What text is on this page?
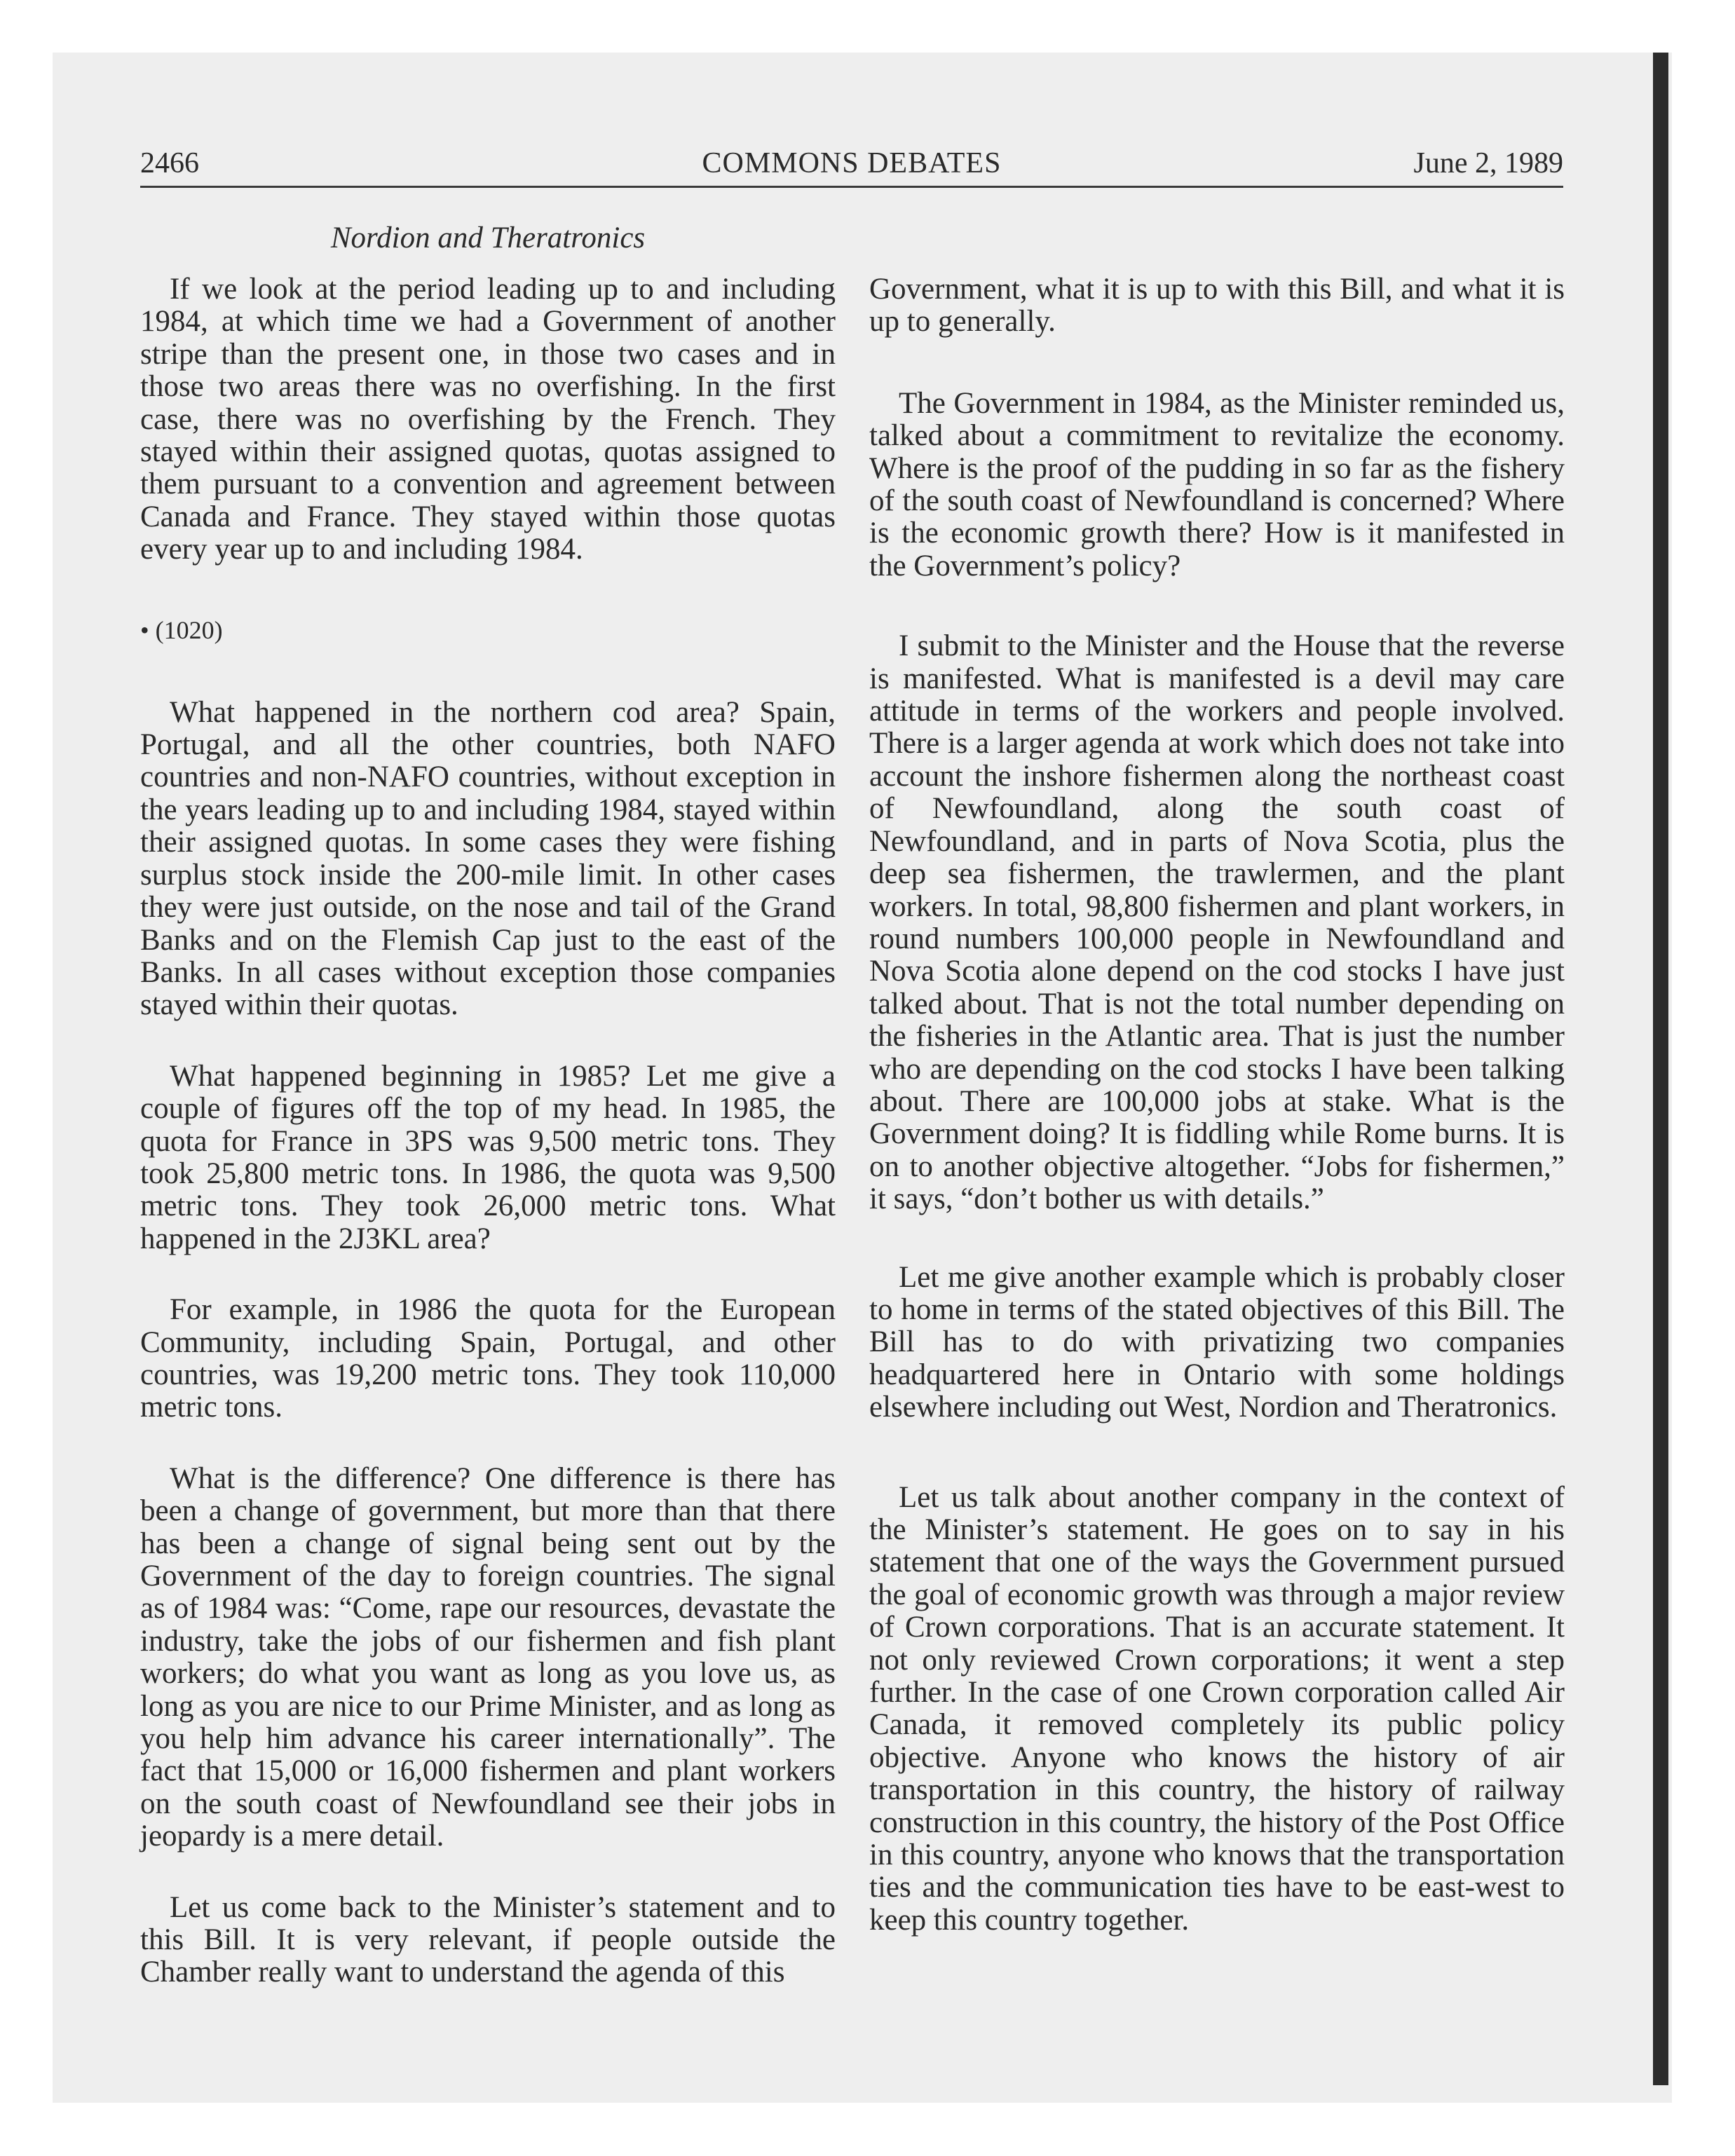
COMMONS DEBATES
2466	June 2, 1989
Nordion and Theratronics

If we look at the period leading up to and including 1984, at which time we had a Government of another stripe than the present one, in those two cases and in those two areas there was no overfishing. In the first case, there was no overfishing by the French. They stayed within their assigned quotas, quotas assigned to them pursuant to a convention and agreement between Canada and France. They stayed within those quotas every year up to and including 1984.

• (1020)

What happened in the northern cod area? Spain, Portugal, and all the other countries, both NAFO countries and non-NAFO countries, without exception in the years leading up to and including 1984, stayed within their assigned quotas. In some cases they were fishing surplus stock inside the 200-mile limit. In other cases they were just outside, on the nose and tail of the Grand Banks and on the Flemish Cap just to the east of the Banks. In all cases without exception those companies stayed within their quotas.

What happened beginning in 1985? Let me give a couple of figures off the top of my head. In 1985, the quota for France in 3PS was 9,500 metric tons. They took 25,800 metric tons. In 1986, the quota was 9,500 metric tons. They took 26,000 metric tons. What happened in the 2J3KL area?

For example, in 1986 the quota for the European Community, including Spain, Portugal, and other countries, was 19,200 metric tons. They took 110,000 metric tons.

What is the difference? One difference is there has been a change of government, but more than that there has been a change of signal being sent out by the Government of the day to foreign countries. The signal as of 1984 was: “Come, rape our resources, devastate the industry, take the jobs of our fishermen and fish plant workers; do what you want as long as you love us, as long as you are nice to our Prime Minister, and as long as you help him advance his career internationally”. The fact that 15,000 or 16,000 fishermen and plant workers on the south coast of Newfoundland see their jobs in jeopardy is a mere detail.

Let us come back to the Minister’s statement and to this Bill. It is very relevant, if people outside the Chamber really want to understand the agenda of this

Government, what it is up to with this Bill, and what it is up to generally.

The Government in 1984, as the Minister reminded us, talked about a commitment to revitalize the economy. Where is the proof of the pudding in so far as the fishery of the south coast of Newfoundland is concerned? Where is the economic growth there? How is it manifested in the Government’s policy?

I submit to the Minister and the House that the reverse is manifested. What is manifested is a devil may care attitude in terms of the workers and people involved. There is a larger agenda at work which does not take into account the inshore fishermen along the northeast coast of Newfoundland, along the south coast of Newfoundland, and in parts of Nova Scotia, plus the deep sea fishermen, the trawlermen, and the plant workers. In total, 98,800 fishermen and plant workers, in round numbers 100,000 people in Newfoundland and Nova Scotia alone depend on the cod stocks I have just talked about. That is not the total number depending on the fisheries in the Atlantic area. That is just the number who are depending on the cod stocks I have been talking about. There are 100,000 jobs at stake. What is the Government doing? It is fiddling while Rome burns. It is on to another objective altogether. “Jobs for fishermen,” it says, “don’t bother us with details.”

Let me give another example which is probably closer to home in terms of the stated objectives of this Bill. The Bill has to do with privatizing two companies headquartered here in Ontario with some holdings elsewhere including out West, Nordion and Theratronics.

Let us talk about another company in the context of the Minister’s statement. He goes on to say in his statement that one of the ways the Government pursued the goal of economic growth was through a major review of Crown corporations. That is an accurate statement. It not only reviewed Crown corporations; it went a step further. In the case of one Crown corporation called Air Canada, it removed completely its public policy objective. Anyone who knows the history of air transportation in this country, the history of railway construction in this country, the history of the Post Office in this country, anyone who knows that the transportation ties and the communication ties have to be east-west to keep this country together.
